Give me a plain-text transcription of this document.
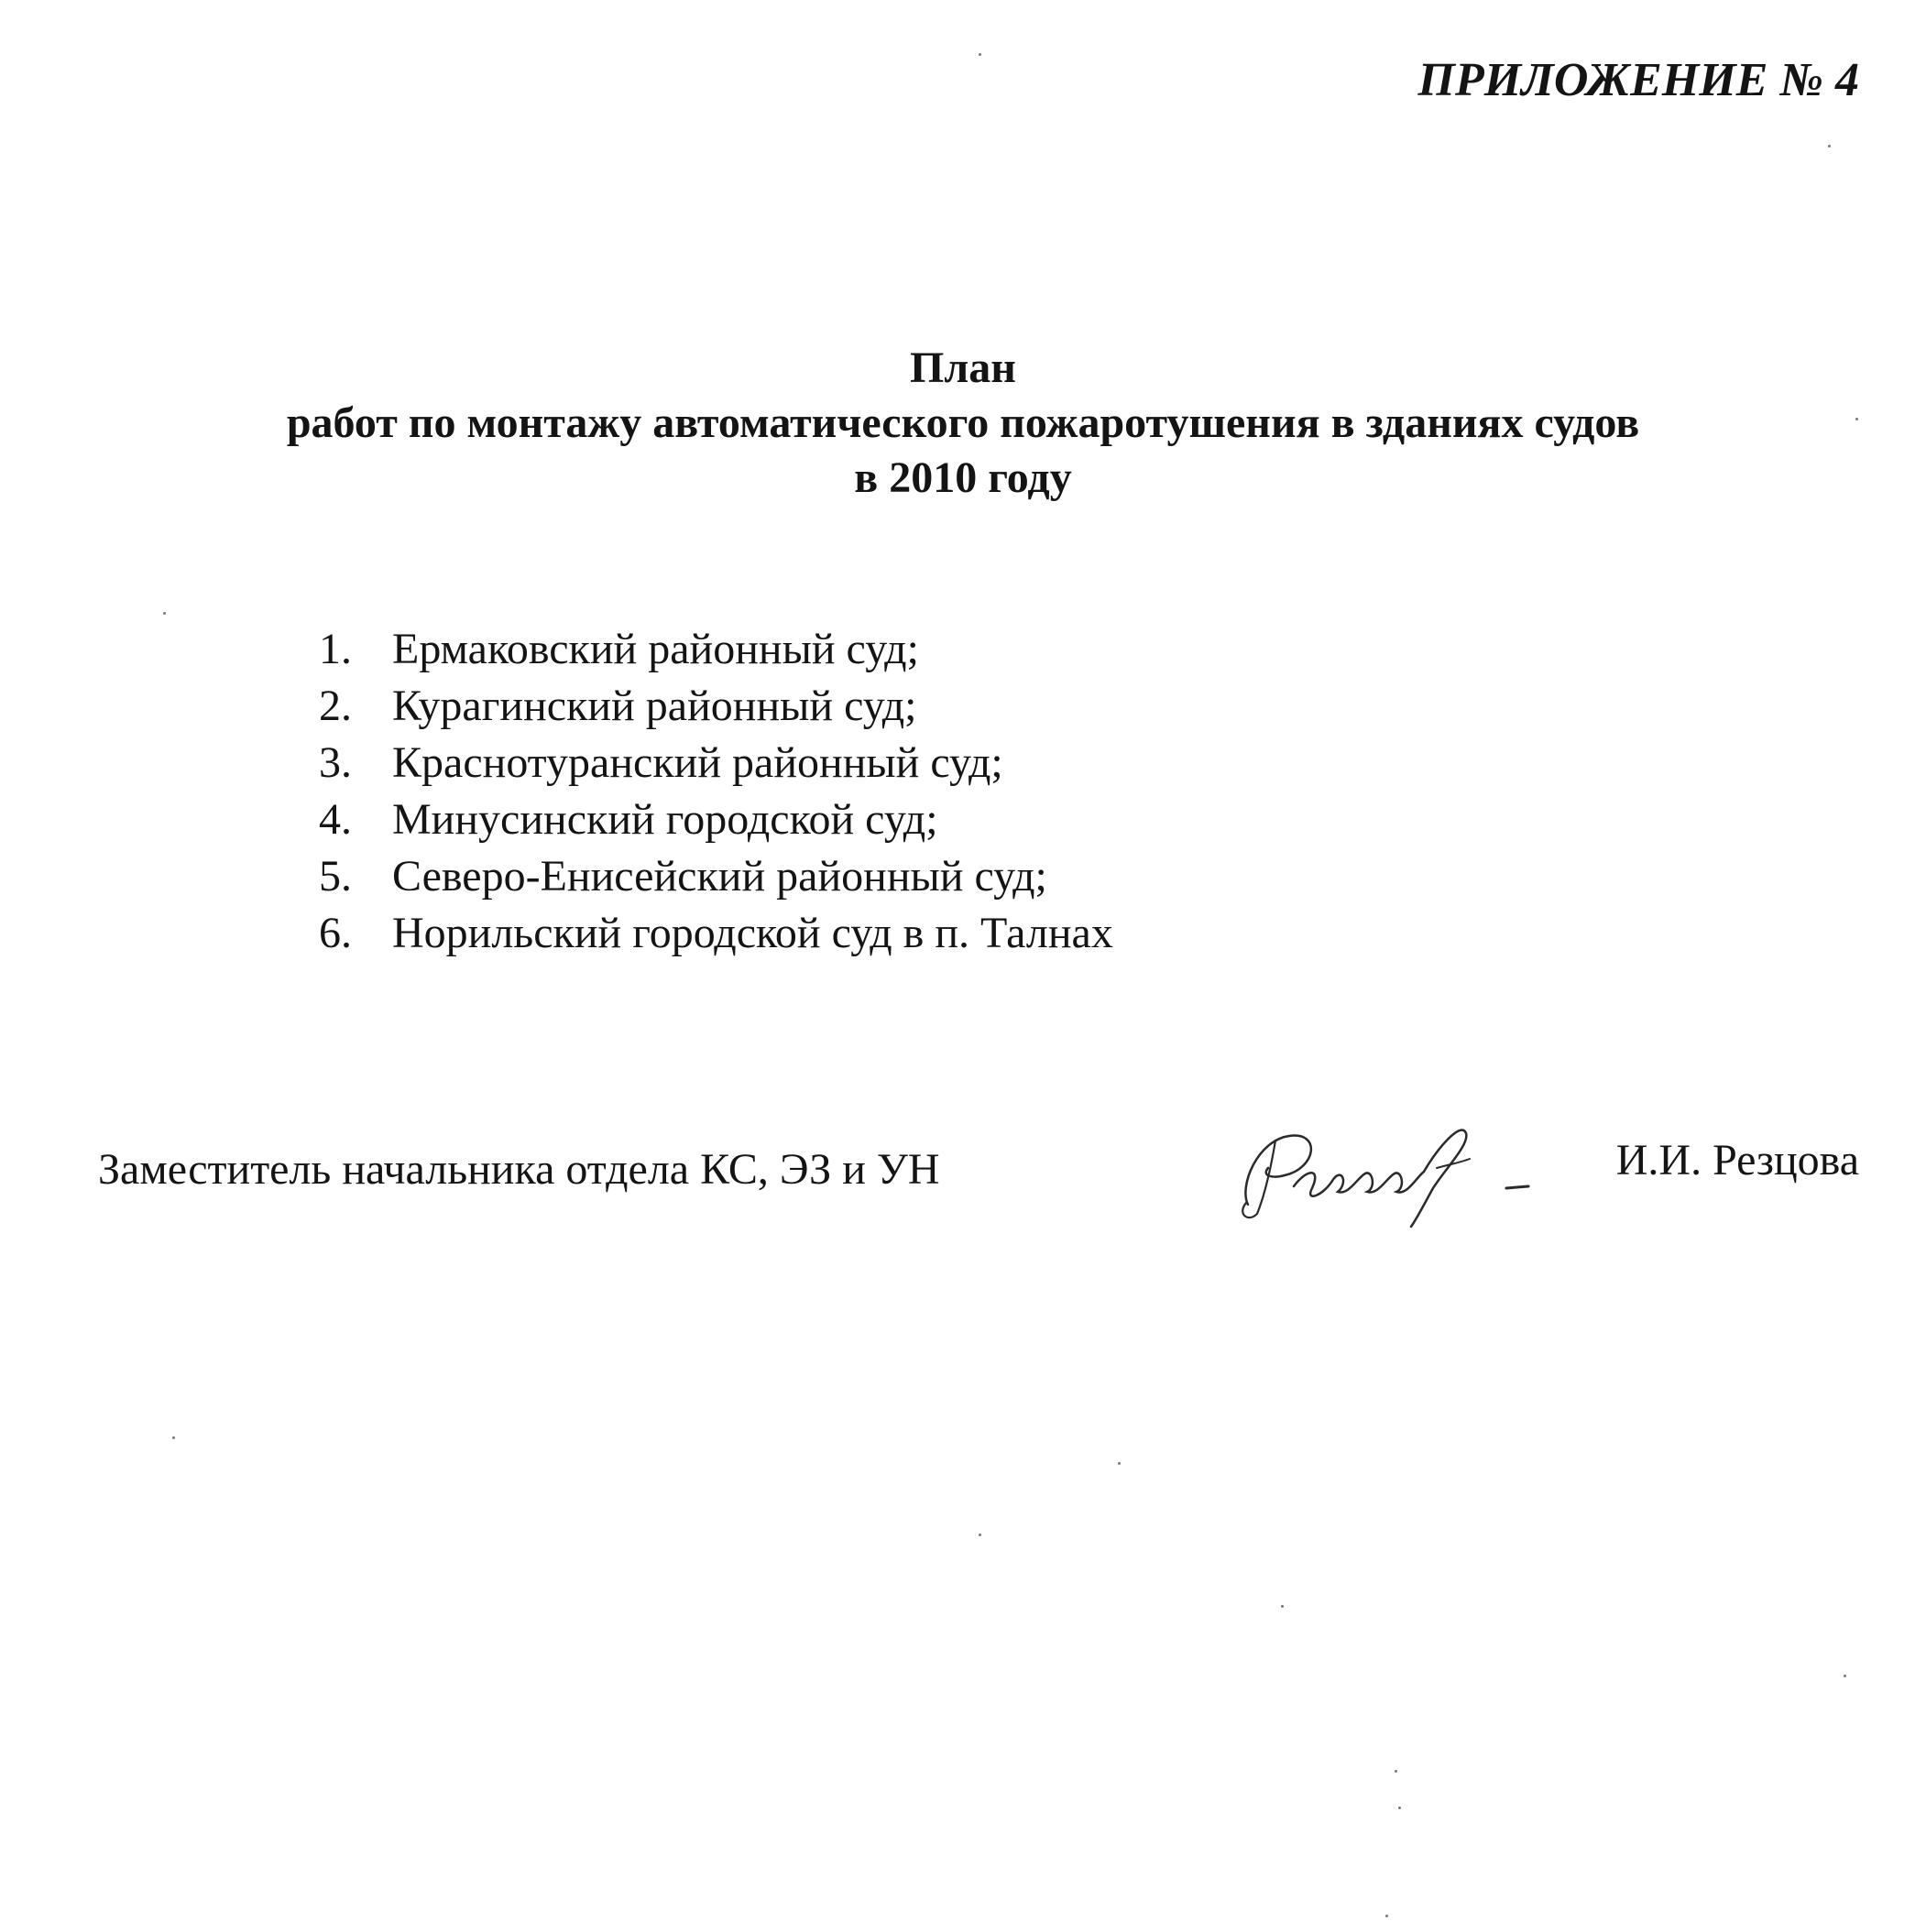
ПРИЛОЖЕНИЕ № 4
План
работ по монтажу автоматического пожаротушения в зданиях судов
в 2010 году
1. Ермаковский районный суд;
2. Курагинский районный суд;
3. Краснотуранский районный суд;
4. Минусинский городской суд;
5. Северо-Енисейский районный суд;
6. Норильский городской суд в п. Талнах
Заместитель начальника отдела КС, ЭЗ и УН	И.И. Резцова
